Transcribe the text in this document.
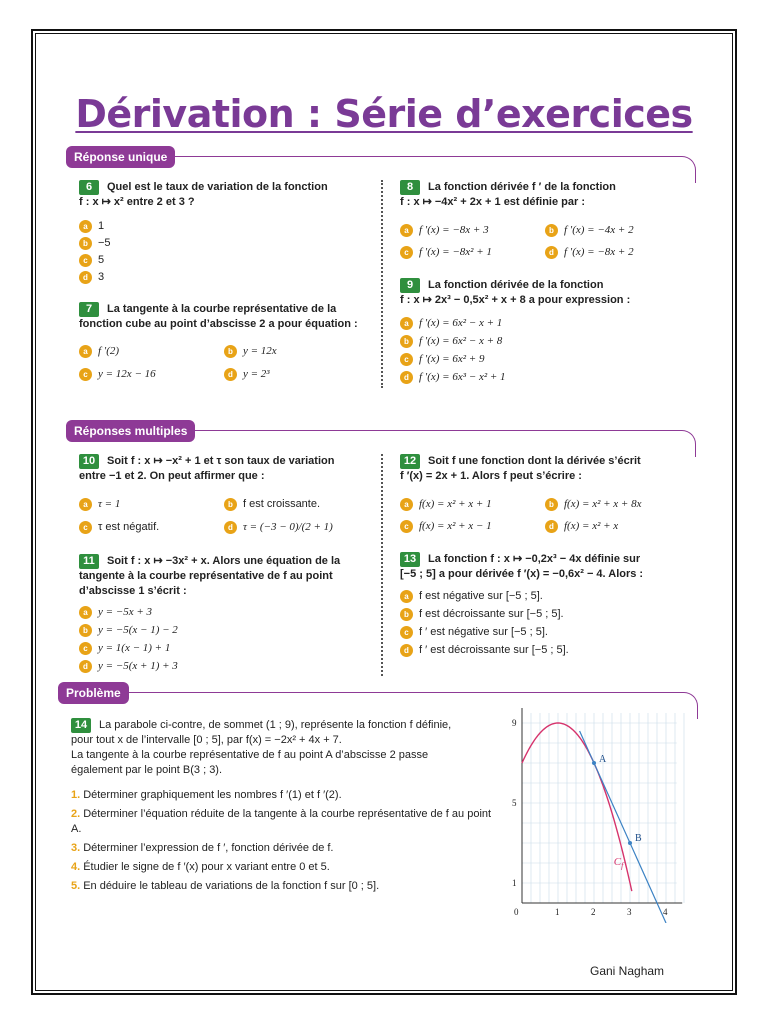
Dérivation : Série d’exercices
Réponse unique
6 Quel est le taux de variation de la fonction
f : x ↦ x² entre 2 et 3 ?
a 1
b −5
c 5
d 3
7 La tangente à la courbe représentative de la
fonction cube au point d’abscisse 2 a pour équation :
a f ′(2)	b y = 12x
c y = 12x − 16	d y = 2³
8 La fonction dérivée f ′ de la fonction
f : x ↦ −4x² + 2x + 1 est définie par :
a f ′(x) = −8x + 3	b f ′(x) = −4x + 2
c f ′(x) = −8x² + 1	d f ′(x) = −8x + 2
9 La fonction dérivée de la fonction
f : x ↦ 2x³ − 0,5x² + x + 8 a pour expression :
a f ′(x) = 6x² − x + 1
b f ′(x) = 6x² − x + 8
c f ′(x) = 6x² + 9
d f ′(x) = 6x³ − x² + 1
Réponses multiples
10 Soit f : x ↦ −x² + 1 et τ son taux de variation
entre −1 et 2. On peut affirmer que :
a τ = 1	b f est croissante.
c τ est négatif.	d τ = (−3 − 0)/(2 + 1)
11 Soit f : x ↦ −3x² + x. Alors une équation de la
tangente à la courbe représentative de f au point
d’abscisse 1 s’écrit :
a y = −5x + 3
b y = −5(x − 1) − 2
c y = 1(x − 1) + 1
d y = −5(x + 1) + 3
12 Soit f une fonction dont la dérivée s’écrit
f ′(x) = 2x + 1. Alors f peut s’écrire :
a f(x) = x² + x + 1	b f(x) = x² + x + 8x
c f(x) = x² + x − 1	d f(x) = x² + x
13 La fonction f : x ↦ −0,2x³ − 4x définie sur
[−5 ; 5] a pour dérivée f ′(x) = −0,6x² − 4. Alors :
a f est négative sur [−5 ; 5].
b f est décroissante sur [−5 ; 5].
c f ′ est négative sur [−5 ; 5].
d f ′ est décroissante sur [−5 ; 5].
Problème
14 La parabole ci-contre, de sommet (1 ; 9), représente la fonction f définie,
pour tout x de l’intervalle [0 ; 5], par f(x) = −2x² + 4x + 7.
La tangente à la courbe représentative de f au point A d’abscisse 2 passe
également par le point B(3 ; 3).

1. Déterminer graphiquement les nombres f ′(1) et f ′(2).

2. Déterminer l’équation réduite de la tangente à la courbe représentative de f au point A.

3. Déterminer l’expression de f ′, fonction dérivée de f.

4. Étudier le signe de f ′(x) pour x variant entre 0 et 5.

5. En déduire le tableau de variations de la fonction f sur [0 ; 5].

0	1	2	3	4
9
5
1
A
B
$C_f$
Gani Nagham
